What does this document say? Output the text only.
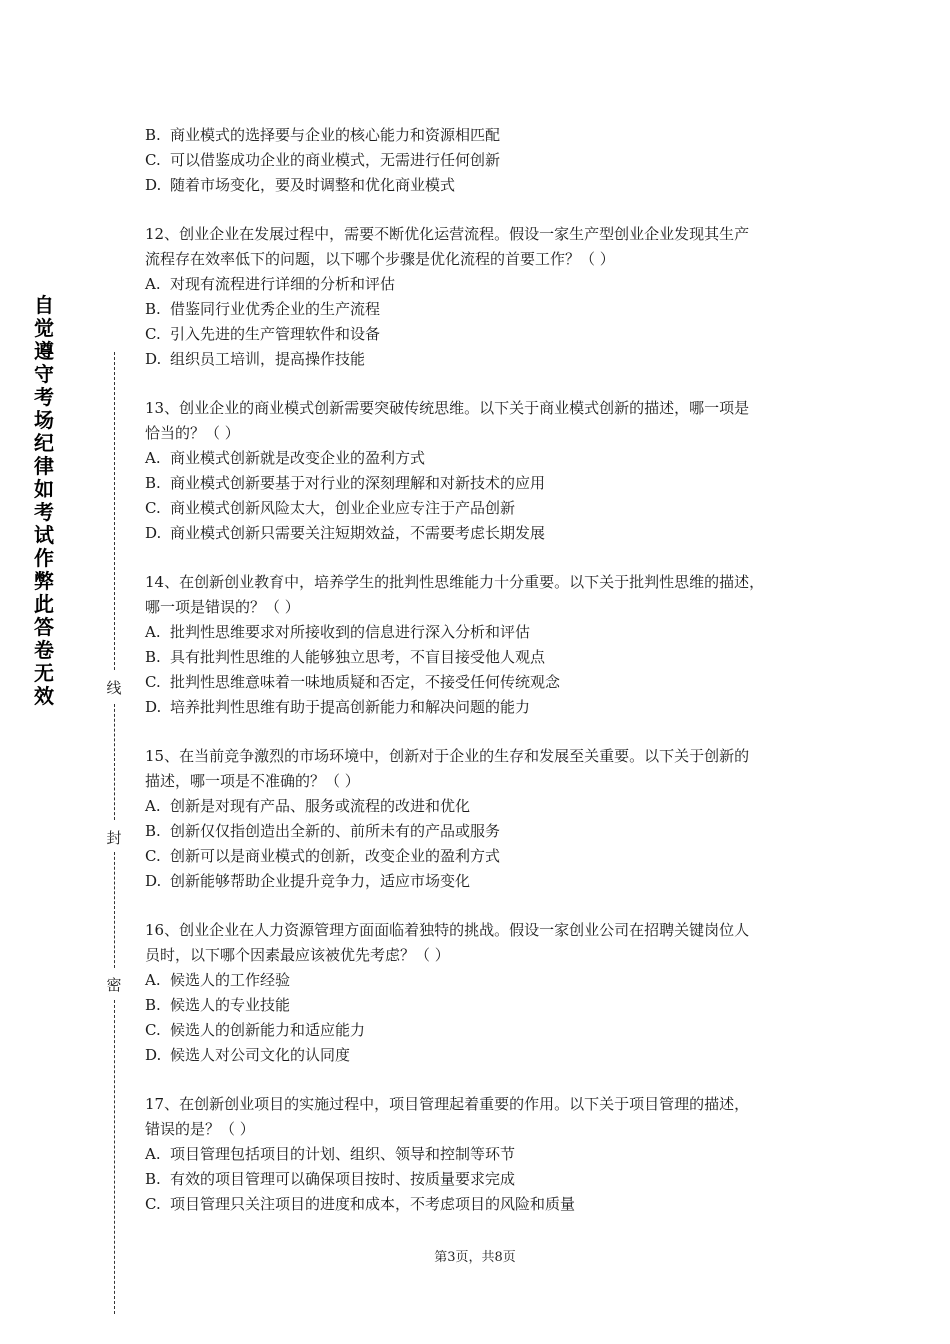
自
觉
遵
守
考
场
纪
律
如
考
试
作
弊
此
答
卷
无
效	线
封
密
B. 商业模式的选择要与企业的核心能力和资源相匹配
C. 可以借鉴成功企业的商业模式，无需进行任何创新
D. 随着市场变化，要及时调整和优化商业模式
12、创业企业在发展过程中，需要不断优化运营流程。假设一家生产型创业企业发现其生产
流程存在效率低下的问题，以下哪个步骤是优化流程的首要工作？（ ）
A. 对现有流程进行详细的分析和评估
B. 借鉴同行业优秀企业的生产流程
C. 引入先进的生产管理软件和设备
D. 组织员工培训，提高操作技能
13、创业企业的商业模式创新需要突破传统思维。以下关于商业模式创新的描述，哪一项是
恰当的？（ ）
A. 商业模式创新就是改变企业的盈利方式
B. 商业模式创新要基于对行业的深刻理解和对新技术的应用
C. 商业模式创新风险太大，创业企业应专注于产品创新
D. 商业模式创新只需要关注短期效益，不需要考虑长期发展
14、在创新创业教育中，培养学生的批判性思维能力十分重要。以下关于批判性思维的描述，
哪一项是错误的？（ ）
A. 批判性思维要求对所接收到的信息进行深入分析和评估
B. 具有批判性思维的人能够独立思考，不盲目接受他人观点
C. 批判性思维意味着一味地质疑和否定，不接受任何传统观念
D. 培养批判性思维有助于提高创新能力和解决问题的能力
15、在当前竞争激烈的市场环境中，创新对于企业的生存和发展至关重要。以下关于创新的
描述，哪一项是不准确的？（ ）
A. 创新是对现有产品、服务或流程的改进和优化
B. 创新仅仅指创造出全新的、前所未有的产品或服务
C. 创新可以是商业模式的创新，改变企业的盈利方式
D. 创新能够帮助企业提升竞争力，适应市场变化
16、创业企业在人力资源管理方面面临着独特的挑战。假设一家创业公司在招聘关键岗位人
员时，以下哪个因素最应该被优先考虑？（ ）
A. 候选人的工作经验
B. 候选人的专业技能
C. 候选人的创新能力和适应能力
D. 候选人对公司文化的认同度
17、在创新创业项目的实施过程中，项目管理起着重要的作用。以下关于项目管理的描述，
错误的是？（ ）
A. 项目管理包括项目的计划、组织、领导和控制等环节
B. 有效的项目管理可以确保项目按时、按质量要求完成
C. 项目管理只关注项目的进度和成本，不考虑项目的风险和质量
第3页，共8页
